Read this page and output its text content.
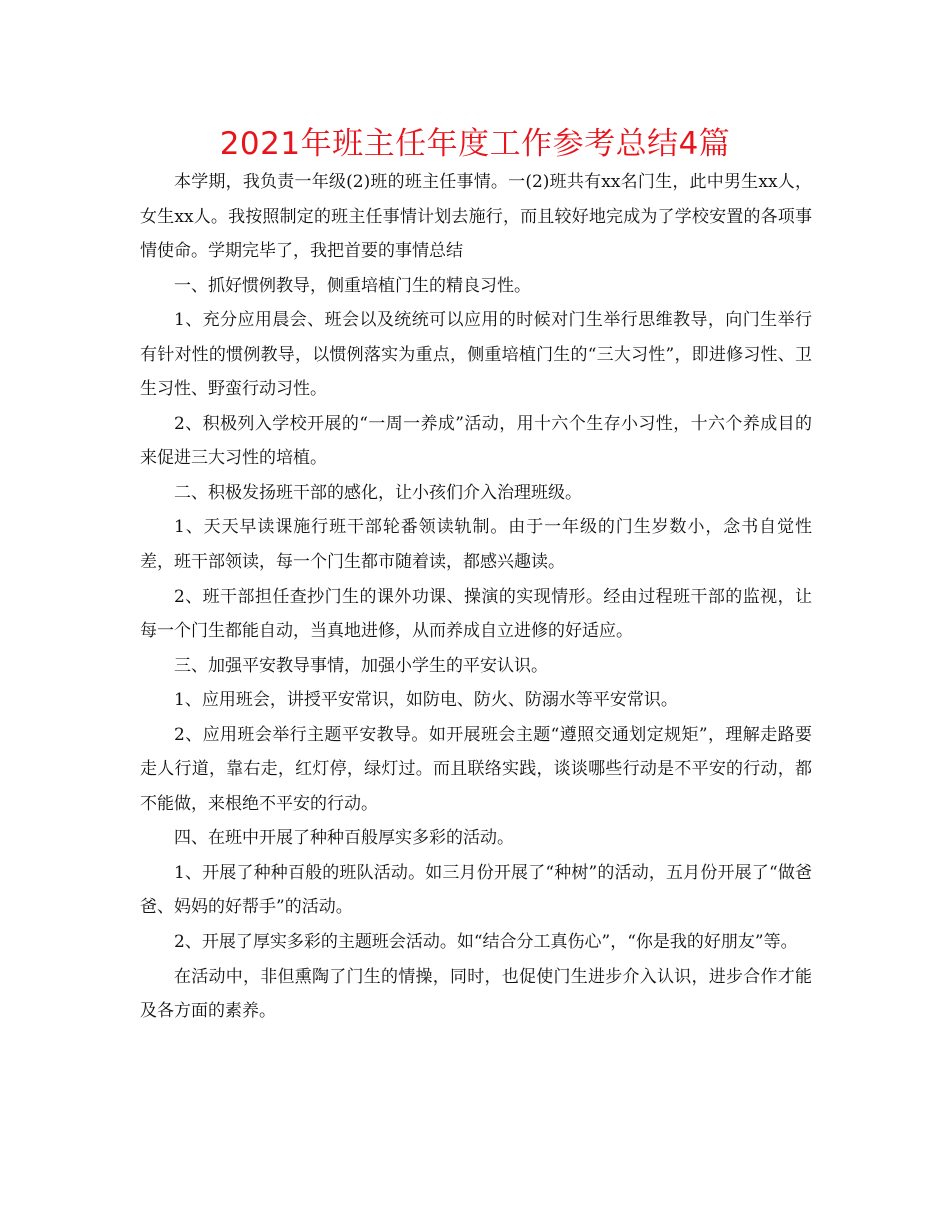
2021年班主任年度工作参考总结4篇

本学期，我负责一年级(2)班的班主任事情。一(2)班共有xx名门生，此中男生xx人，女生xx人。我按照制定的班主任事情计划去施行，而且较好地完成为了学校安置的各项事情使命。学期完毕了，我把首要的事情总结

一、抓好惯例教导，侧重培植门生的精良习性。

1、充分应用晨会、班会以及统统可以应用的时候对门生举行思维教导，向门生举行有针对性的惯例教导，以惯例落实为重点，侧重培植门生的“三大习性”，即进修习性、卫生习性、野蛮行动习性。

2、积极列入学校开展的“一周一养成”活动，用十六个生存小习性，十六个养成目的来促进三大习性的培植。

二、积极发扬班干部的感化，让小孩们介入治理班级。

1、天天早读课施行班干部轮番领读轨制。由于一年级的门生岁数小，念书自觉性差，班干部领读，每一个门生都市随着读，都感兴趣读。

2、班干部担任查抄门生的课外功课、操演的实现情形。经由过程班干部的监视，让每一个门生都能自动，当真地进修，从而养成自立进修的好适应。

三、加强平安教导事情，加强小学生的平安认识。

1、应用班会，讲授平安常识，如防电、防火、防溺水等平安常识。

2、应用班会举行主题平安教导。如开展班会主题“遵照交通划定规矩”，理解走路要走人行道，靠右走，红灯停，绿灯过。而且联络实践，谈谈哪些行动是不平安的行动，都不能做，来根绝不平安的行动。

四、在班中开展了种种百般厚实多彩的活动。

1、开展了种种百般的班队活动。如三月份开展了“种树”的活动，五月份开展了“做爸爸、妈妈的好帮手”的活动。

2、开展了厚实多彩的主题班会活动。如“结合分工真伤心”，“你是我的好朋友”等。

在活动中，非但熏陶了门生的情操，同时，也促使门生进步介入认识，进步合作才能及各方面的素养。
